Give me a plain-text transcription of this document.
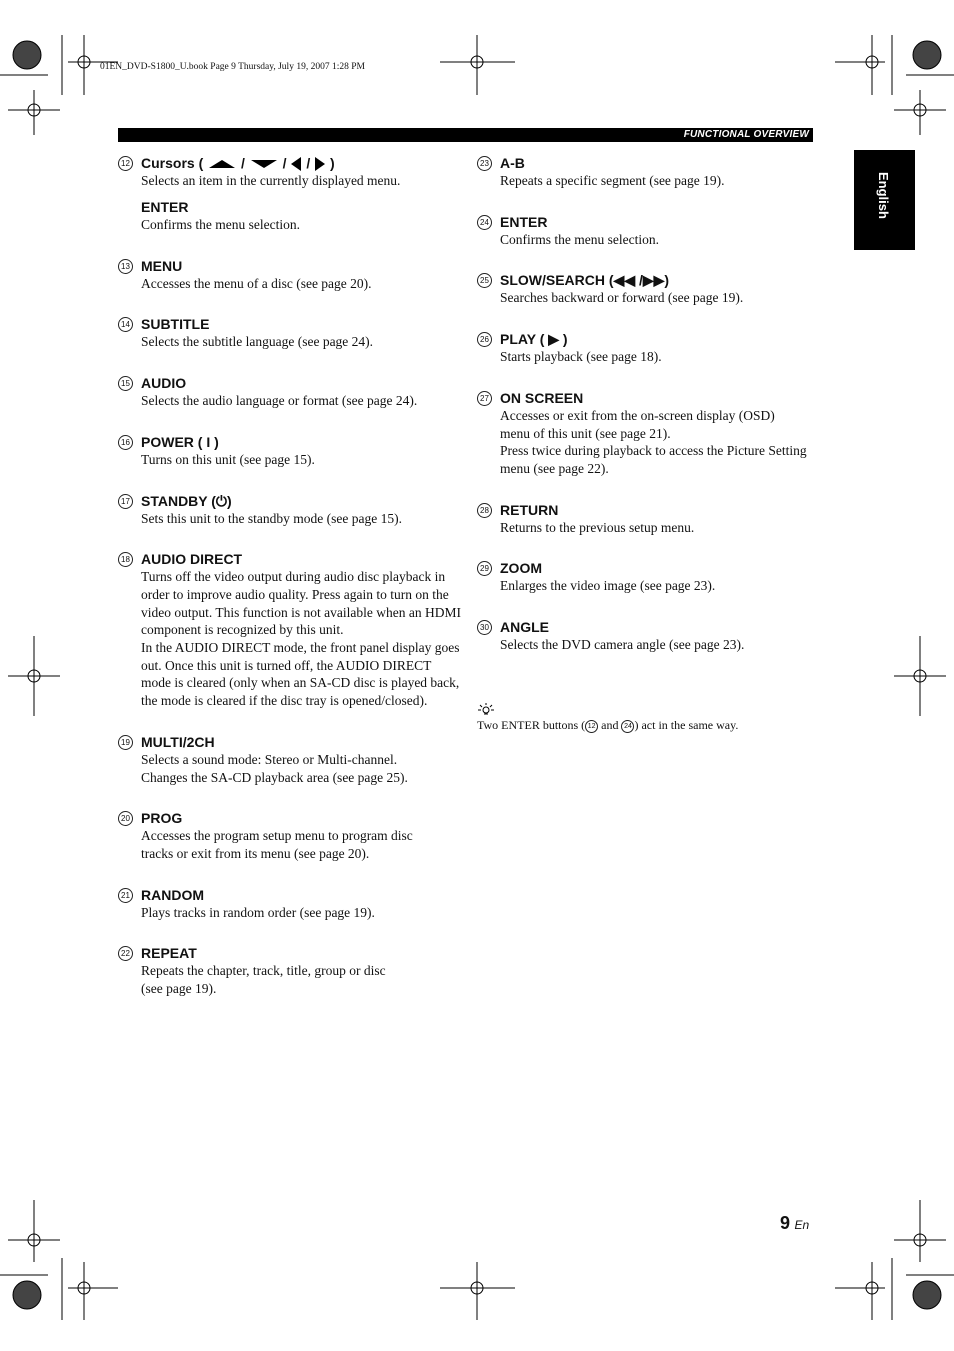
01EN_DVD-S1800_U.book Page 9 Thursday, July 19, 2007 1:28 PM
FUNCTIONAL OVERVIEW
English
12 Cursors (  /  /  /  )
Selects an item in the currently displayed menu.
ENTER
Confirms the menu selection.
13 MENU
Accesses the menu of a disc (see page 20).
14 SUBTITLE
Selects the subtitle language (see page 24).
15 AUDIO
Selects the audio language or format (see page 24).
16 POWER ( I )
Turns on this unit (see page 15).
17 STANDBY (⏻)
Sets this unit to the standby mode (see page 15).
18 AUDIO DIRECT
Turns off the video output during audio disc playback in order to improve audio quality. Press again to turn on the video output. This function is not available when an HDMI component is recognized by this unit.
In the AUDIO DIRECT mode, the front panel display goes out. Once this unit is turned off, the AUDIO DIRECT mode is cleared (only when an SA-CD disc is played back, the mode is cleared if the disc tray is opened/closed).
19 MULTI/2CH
Selects a sound mode: Stereo or Multi-channel.
Changes the SA-CD playback area (see page 25).
20 PROG
Accesses the program setup menu to program disc tracks or exit from its menu (see page 20).
21 RANDOM
Plays tracks in random order (see page 19).
22 REPEAT
Repeats the chapter, track, title, group or disc
(see page 19).
23 A-B
Repeats a specific segment (see page 19).
24 ENTER
Confirms the menu selection.
25 SLOW/SEARCH (◀◀ /▶▶)
Searches backward or forward (see page 19).
26 PLAY ( ▶ )
Starts playback (see page 18).
27 ON SCREEN
Accesses or exit from the on-screen display (OSD) menu of this unit (see page 21).
Press twice during playback to access the Picture Setting menu (see page 22).
28 RETURN
Returns to the previous setup menu.
29 ZOOM
Enlarges the video image (see page 23).
30 ANGLE
Selects the DVD camera angle (see page 23).
Two ENTER buttons ( 12 and 24 ) act in the same way.
9 En
